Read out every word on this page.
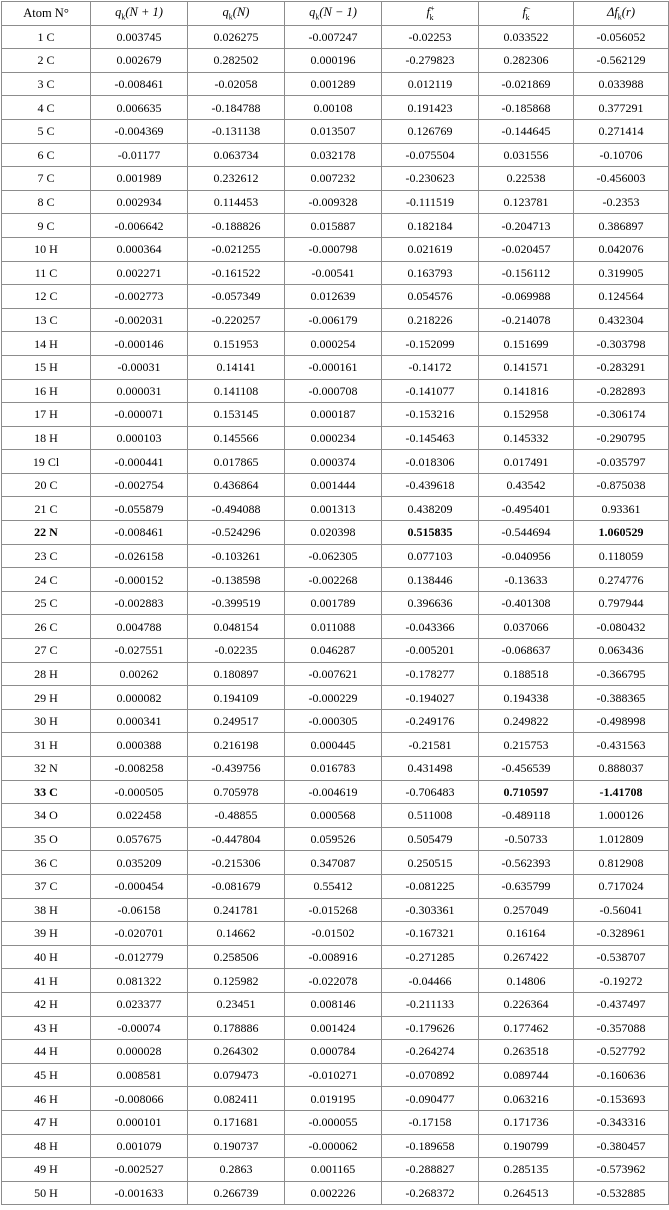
Atom N°	$q_k(N + 1)$	$q_k(N)$	$q_k(N - 1)$	$f^+_k$	$f^-_k$	$\Delta f_k(r)$
1 C	0.003745	0.026275	-0.007247	-0.02253	0.033522	-0.056052
2 C	0.002679	0.282502	0.000196	-0.279823	0.282306	-0.562129
3 C	-0.008461	-0.02058	0.001289	0.012119	-0.021869	0.033988
4 C	0.006635	-0.184788	0.00108	0.191423	-0.185868	0.377291
5 C	-0.004369	-0.131138	0.013507	0.126769	-0.144645	0.271414
6 C	-0.01177	0.063734	0.032178	-0.075504	0.031556	-0.10706
7 C	0.001989	0.232612	0.007232	-0.230623	0.22538	-0.456003
8 C	0.002934	0.114453	-0.009328	-0.111519	0.123781	-0.2353
9 C	-0.006642	-0.188826	0.015887	0.182184	-0.204713	0.386897
10 H	0.000364	-0.021255	-0.000798	0.021619	-0.020457	0.042076
11 C	0.002271	-0.161522	-0.00541	0.163793	-0.156112	0.319905
12 C	-0.002773	-0.057349	0.012639	0.054576	-0.069988	0.124564
13 C	-0.002031	-0.220257	-0.006179	0.218226	-0.214078	0.432304
14 H	-0.000146	0.151953	0.000254	-0.152099	0.151699	-0.303798
15 H	-0.00031	0.14141	-0.000161	-0.14172	0.141571	-0.283291
16 H	0.000031	0.141108	-0.000708	-0.141077	0.141816	-0.282893
17 H	-0.000071	0.153145	0.000187	-0.153216	0.152958	-0.306174
18 H	0.000103	0.145566	0.000234	-0.145463	0.145332	-0.290795
19 Cl	-0.000441	0.017865	0.000374	-0.018306	0.017491	-0.035797
20 C	-0.002754	0.436864	0.001444	-0.439618	0.43542	-0.875038
21 C	-0.055879	-0.494088	0.001313	0.438209	-0.495401	0.93361
22 N	-0.008461	-0.524296	0.020398	0.515835	-0.544694	1.060529
23 C	-0.026158	-0.103261	-0.062305	0.077103	-0.040956	0.118059
24 C	-0.000152	-0.138598	-0.002268	0.138446	-0.13633	0.274776
25 C	-0.002883	-0.399519	0.001789	0.396636	-0.401308	0.797944
26 C	0.004788	0.048154	0.011088	-0.043366	0.037066	-0.080432
27 C	-0.027551	-0.02235	0.046287	-0.005201	-0.068637	0.063436
28 H	0.00262	0.180897	-0.007621	-0.178277	0.188518	-0.366795
29 H	0.000082	0.194109	-0.000229	-0.194027	0.194338	-0.388365
30 H	0.000341	0.249517	-0.000305	-0.249176	0.249822	-0.498998
31 H	0.000388	0.216198	0.000445	-0.21581	0.215753	-0.431563
32 N	-0.008258	-0.439756	0.016783	0.431498	-0.456539	0.888037
33 C	-0.000505	0.705978	-0.004619	-0.706483	0.710597	-1.41708
34 O	0.022458	-0.48855	0.000568	0.511008	-0.489118	1.000126
35 O	0.057675	-0.447804	0.059526	0.505479	-0.50733	1.012809
36 C	0.035209	-0.215306	0.347087	0.250515	-0.562393	0.812908
37 C	-0.000454	-0.081679	0.55412	-0.081225	-0.635799	0.717024
38 H	-0.06158	0.241781	-0.015268	-0.303361	0.257049	-0.56041
39 H	-0.020701	0.14662	-0.01502	-0.167321	0.16164	-0.328961
40 H	-0.012779	0.258506	-0.008916	-0.271285	0.267422	-0.538707
41 H	0.081322	0.125982	-0.022078	-0.04466	0.14806	-0.19272
42 H	0.023377	0.23451	0.008146	-0.211133	0.226364	-0.437497
43 H	-0.00074	0.178886	0.001424	-0.179626	0.177462	-0.357088
44 H	0.000028	0.264302	0.000784	-0.264274	0.263518	-0.527792
45 H	0.008581	0.079473	-0.010271	-0.070892	0.089744	-0.160636
46 H	-0.008066	0.082411	0.019195	-0.090477	0.063216	-0.153693
47 H	0.000101	0.171681	-0.000055	-0.17158	0.171736	-0.343316
48 H	0.001079	0.190737	-0.000062	-0.189658	0.190799	-0.380457
49 H	-0.002527	0.2863	0.001165	-0.288827	0.285135	-0.573962
50 H	-0.001633	0.266739	0.002226	-0.268372	0.264513	-0.532885
